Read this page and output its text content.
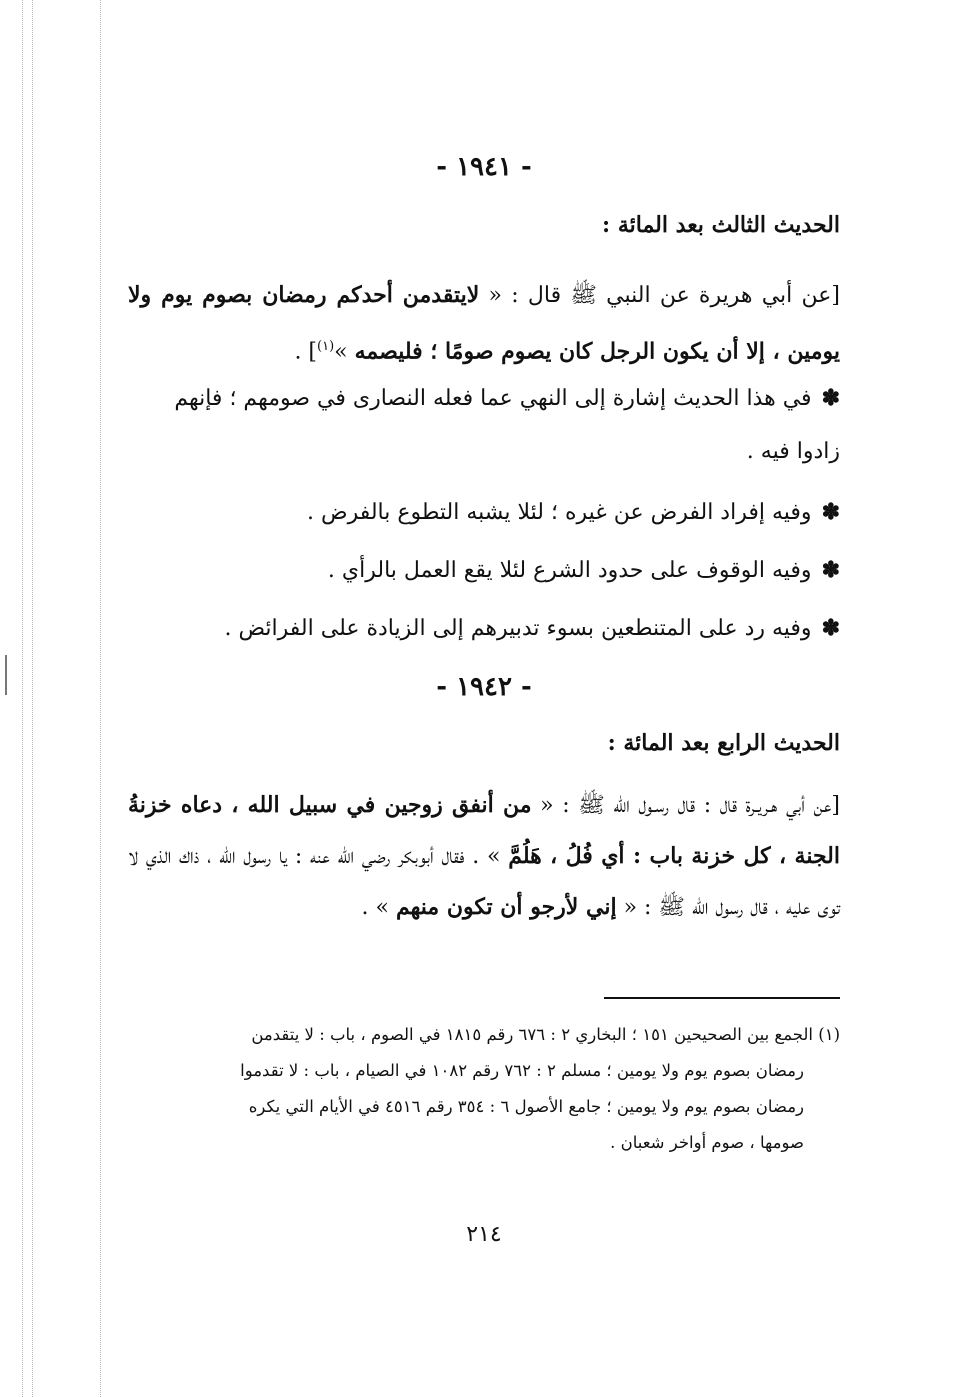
- ١٩٤١ -
الحديث الثالث بعد المائة :
[عن أبي هريرة عن النبي ﷺ قال : « لايتقدمن أحدكم رمضان بصوم يوم ولا يومين ، إلا أن يكون الرجل كان يصوم صومًا ؛ فليصمه »$^{(١)}$] .
✽في هذا الحديث إشارة إلى النهي عما فعله النصارى في صومهم ؛ فإنهم زادوا فيه .
✽وفيه إفراد الفرض عن غيره ؛ لئلا يشبه التطوع بالفرض .
✽وفيه الوقوف على حدود الشرع لئلا يقع العمل بالرأي .
✽وفيه رد على المتنطعين بسوء تدبيرهم إلى الزيادة على الفرائض .
- ١٩٤٢ -
الحديث الرابع بعد المائة :
[عن أبي هـريـرة قال : قال رسـول الله ﷺ : « من أنفق زوجين في سبيل الله ، دعاه خزنةُ الجنة ، كل خزنة باب : أي فُلُ ، هَلُمَّ » . فقال أبوبكر رضي الله عنه : يا رسول الله ، ذاك الذي لا توى عليه ، قال رسول الله ﷺ : « إني لأرجو أن تكون منهم » .
(١) الجمع بين الصحيحين ١٥١ ؛ البخاري ٢ : ٦٧٦ رقم ١٨١٥ في الصوم ، باب : لا يتقدمن
رمضان بصوم يوم ولا يومين ؛ مسلم ٢ : ٧٦٢ رقم ١٠٨٢ في الصيام ، باب : لا تقدموا
رمضان بصوم يوم ولا يومين ؛ جامع الأصول ٦ : ٣٥٤ رقم ٤٥١٦ في الأيام التي يكره
صومها ، صوم أواخر شعبان .
٢١٤
